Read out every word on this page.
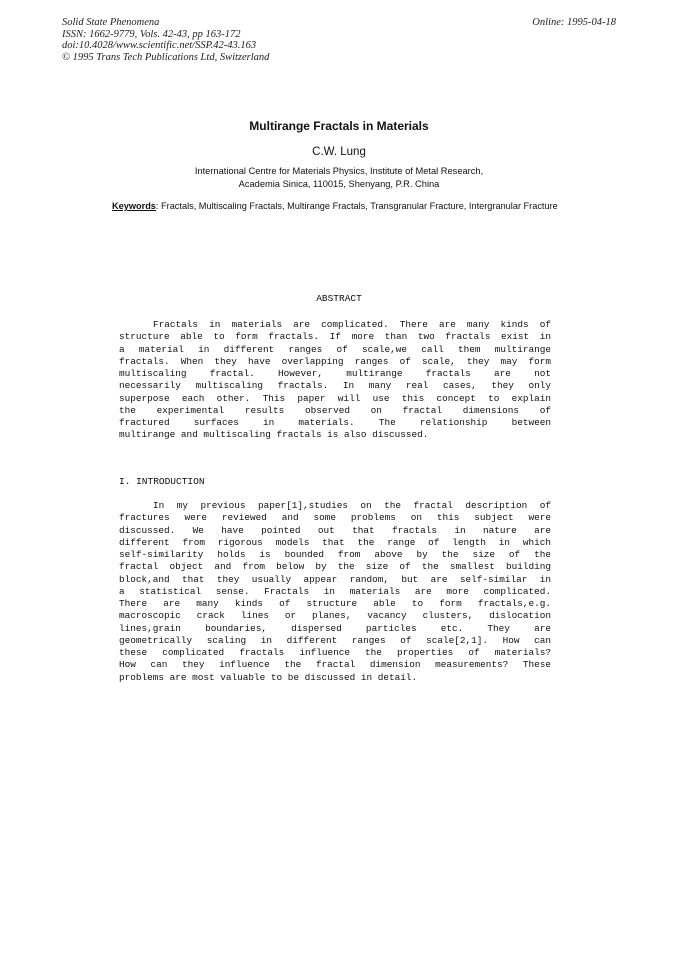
Solid State Phenomena
ISSN: 1662-9779, Vols. 42-43, pp 163-172
doi:10.4028/www.scientific.net/SSP.42-43.163
© 1995 Trans Tech Publications Ltd, Switzerland
Online: 1995-04-18
Multirange Fractals in Materials
C.W. Lung
International Centre for Materials Physics, Institute of Metal Research,
Academia Sinica, 110015, Shenyang, P.R. China
Keywords: Fractals, Multiscaling Fractals, Multirange Fractals, Transgranular Fracture, Intergranular Fracture
ABSTRACT
Fractals in materials are complicated. There are many kinds of
structure able to form fractals. If more than two fractals exist in
a material in different ranges of scale,we call them multirange
fractals. When they have overlapping ranges of scale, they may form
multiscaling fractal. However, multirange fractals are not
necessarily multiscaling fractals. In many real cases, they only
superpose each other. This paper will use this concept to explain
the experimental results observed on fractal dimensions of
fractured surfaces in materials. The relationship between
multirange and multiscaling fractals is also discussed.
I. INTRODUCTION
In my previous paper[1],studies on the fractal description of
fractures were reviewed and some problems on this subject were
discussed. We have pointed out that fractals in nature are
different from rigorous models that the range of length in which
self-similarity holds is bounded from above by the size of the
fractal object and from below by the size of the smallest building
block,and that they usually appear random, but are self-similar in
a statistical sense. Fractals in materials are more complicated.
There are many kinds of structure able to form fractals,e.g.
macroscopic crack lines or planes, vacancy clusters, dislocation
lines,grain boundaries, dispersed particles etc. They are
geometrically scaling in different ranges of scale[2,1]. How can
these complicated fractals influence the properties of materials?
How can they influence the fractal dimension measurements? These
problems are most valuable to be discussed in detail.
